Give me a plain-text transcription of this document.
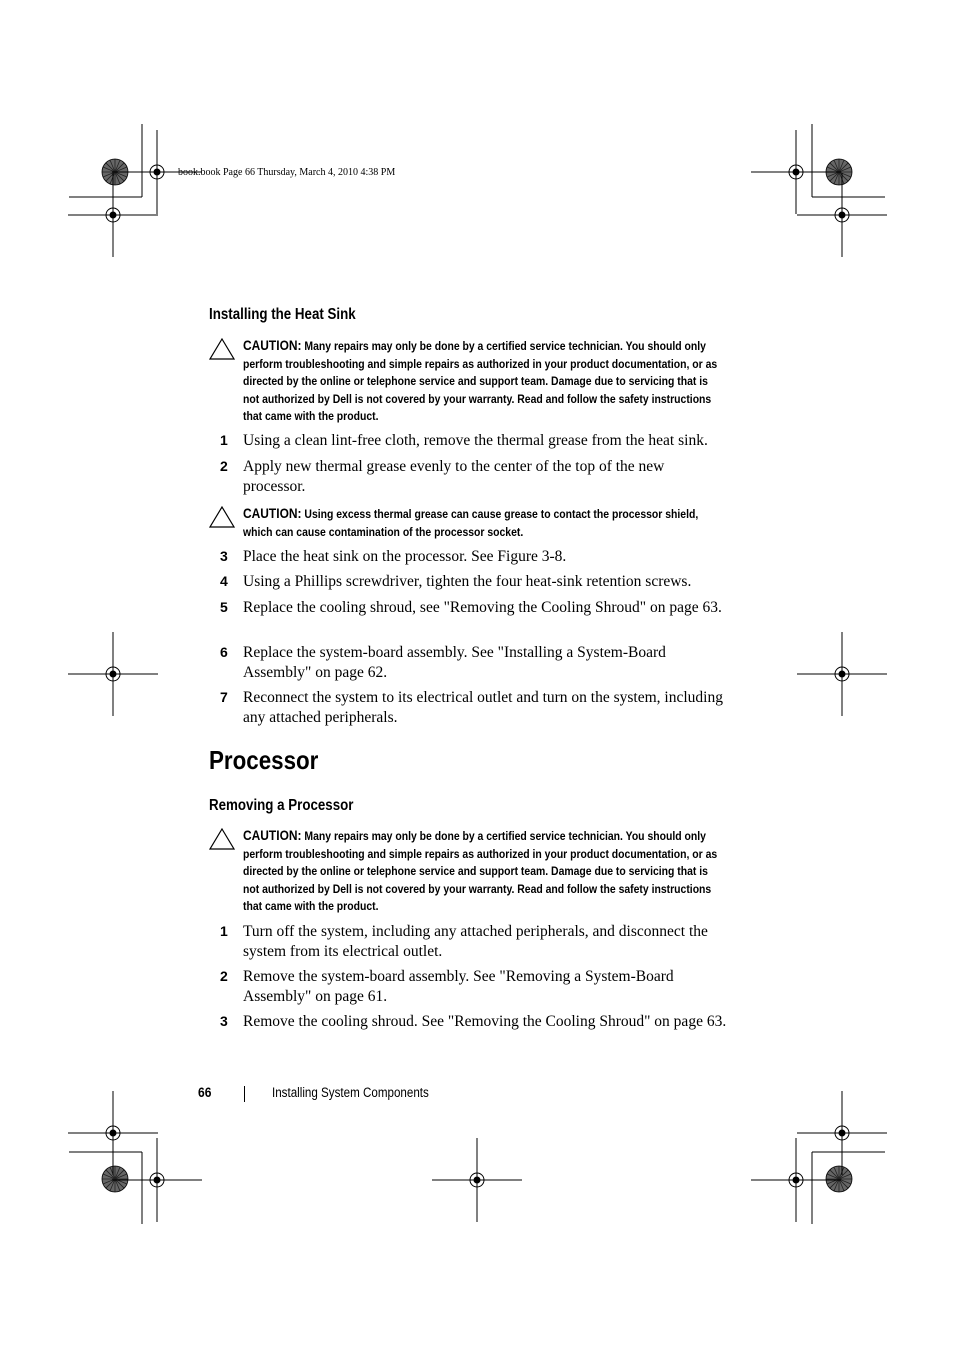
book.book Page 66 Thursday, March 4, 2010 4:38 PM
Installing the Heat Sink
CAUTION: Many repairs may only be done by a certified service technician. You should only perform troubleshooting and simple repairs as authorized in your product documentation, or as directed by the online or telephone service and support team. Damage due to servicing that is not authorized by Dell is not covered by your warranty. Read and follow the safety instructions that came with the product.
1 Using a clean lint-free cloth, remove the thermal grease from the heat sink.
2 Apply new thermal grease evenly to the center of the top of the new processor.
CAUTION: Using excess thermal grease can cause grease to contact the processor shield, which can cause contamination of the processor socket.
3 Place the heat sink on the processor. See Figure 3-8.
4 Using a Phillips screwdriver, tighten the four heat-sink retention screws.
5 Replace the cooling shroud, see "Removing the Cooling Shroud" on page 63.
6 Replace the system-board assembly. See "Installing a System-Board Assembly" on page 62.
7 Reconnect the system to its electrical outlet and turn on the system, including any attached peripherals.
Processor
Removing a Processor
CAUTION: Many repairs may only be done by a certified service technician. You should only perform troubleshooting and simple repairs as authorized in your product documentation, or as directed by the online or telephone service and support team. Damage due to servicing that is not authorized by Dell is not covered by your warranty. Read and follow the safety instructions that came with the product.
1 Turn off the system, including any attached peripherals, and disconnect the system from its electrical outlet.
2 Remove the system-board assembly. See "Removing a System-Board Assembly" on page 61.
3 Remove the cooling shroud. See "Removing the Cooling Shroud" on page 63.
66	Installing System Components
